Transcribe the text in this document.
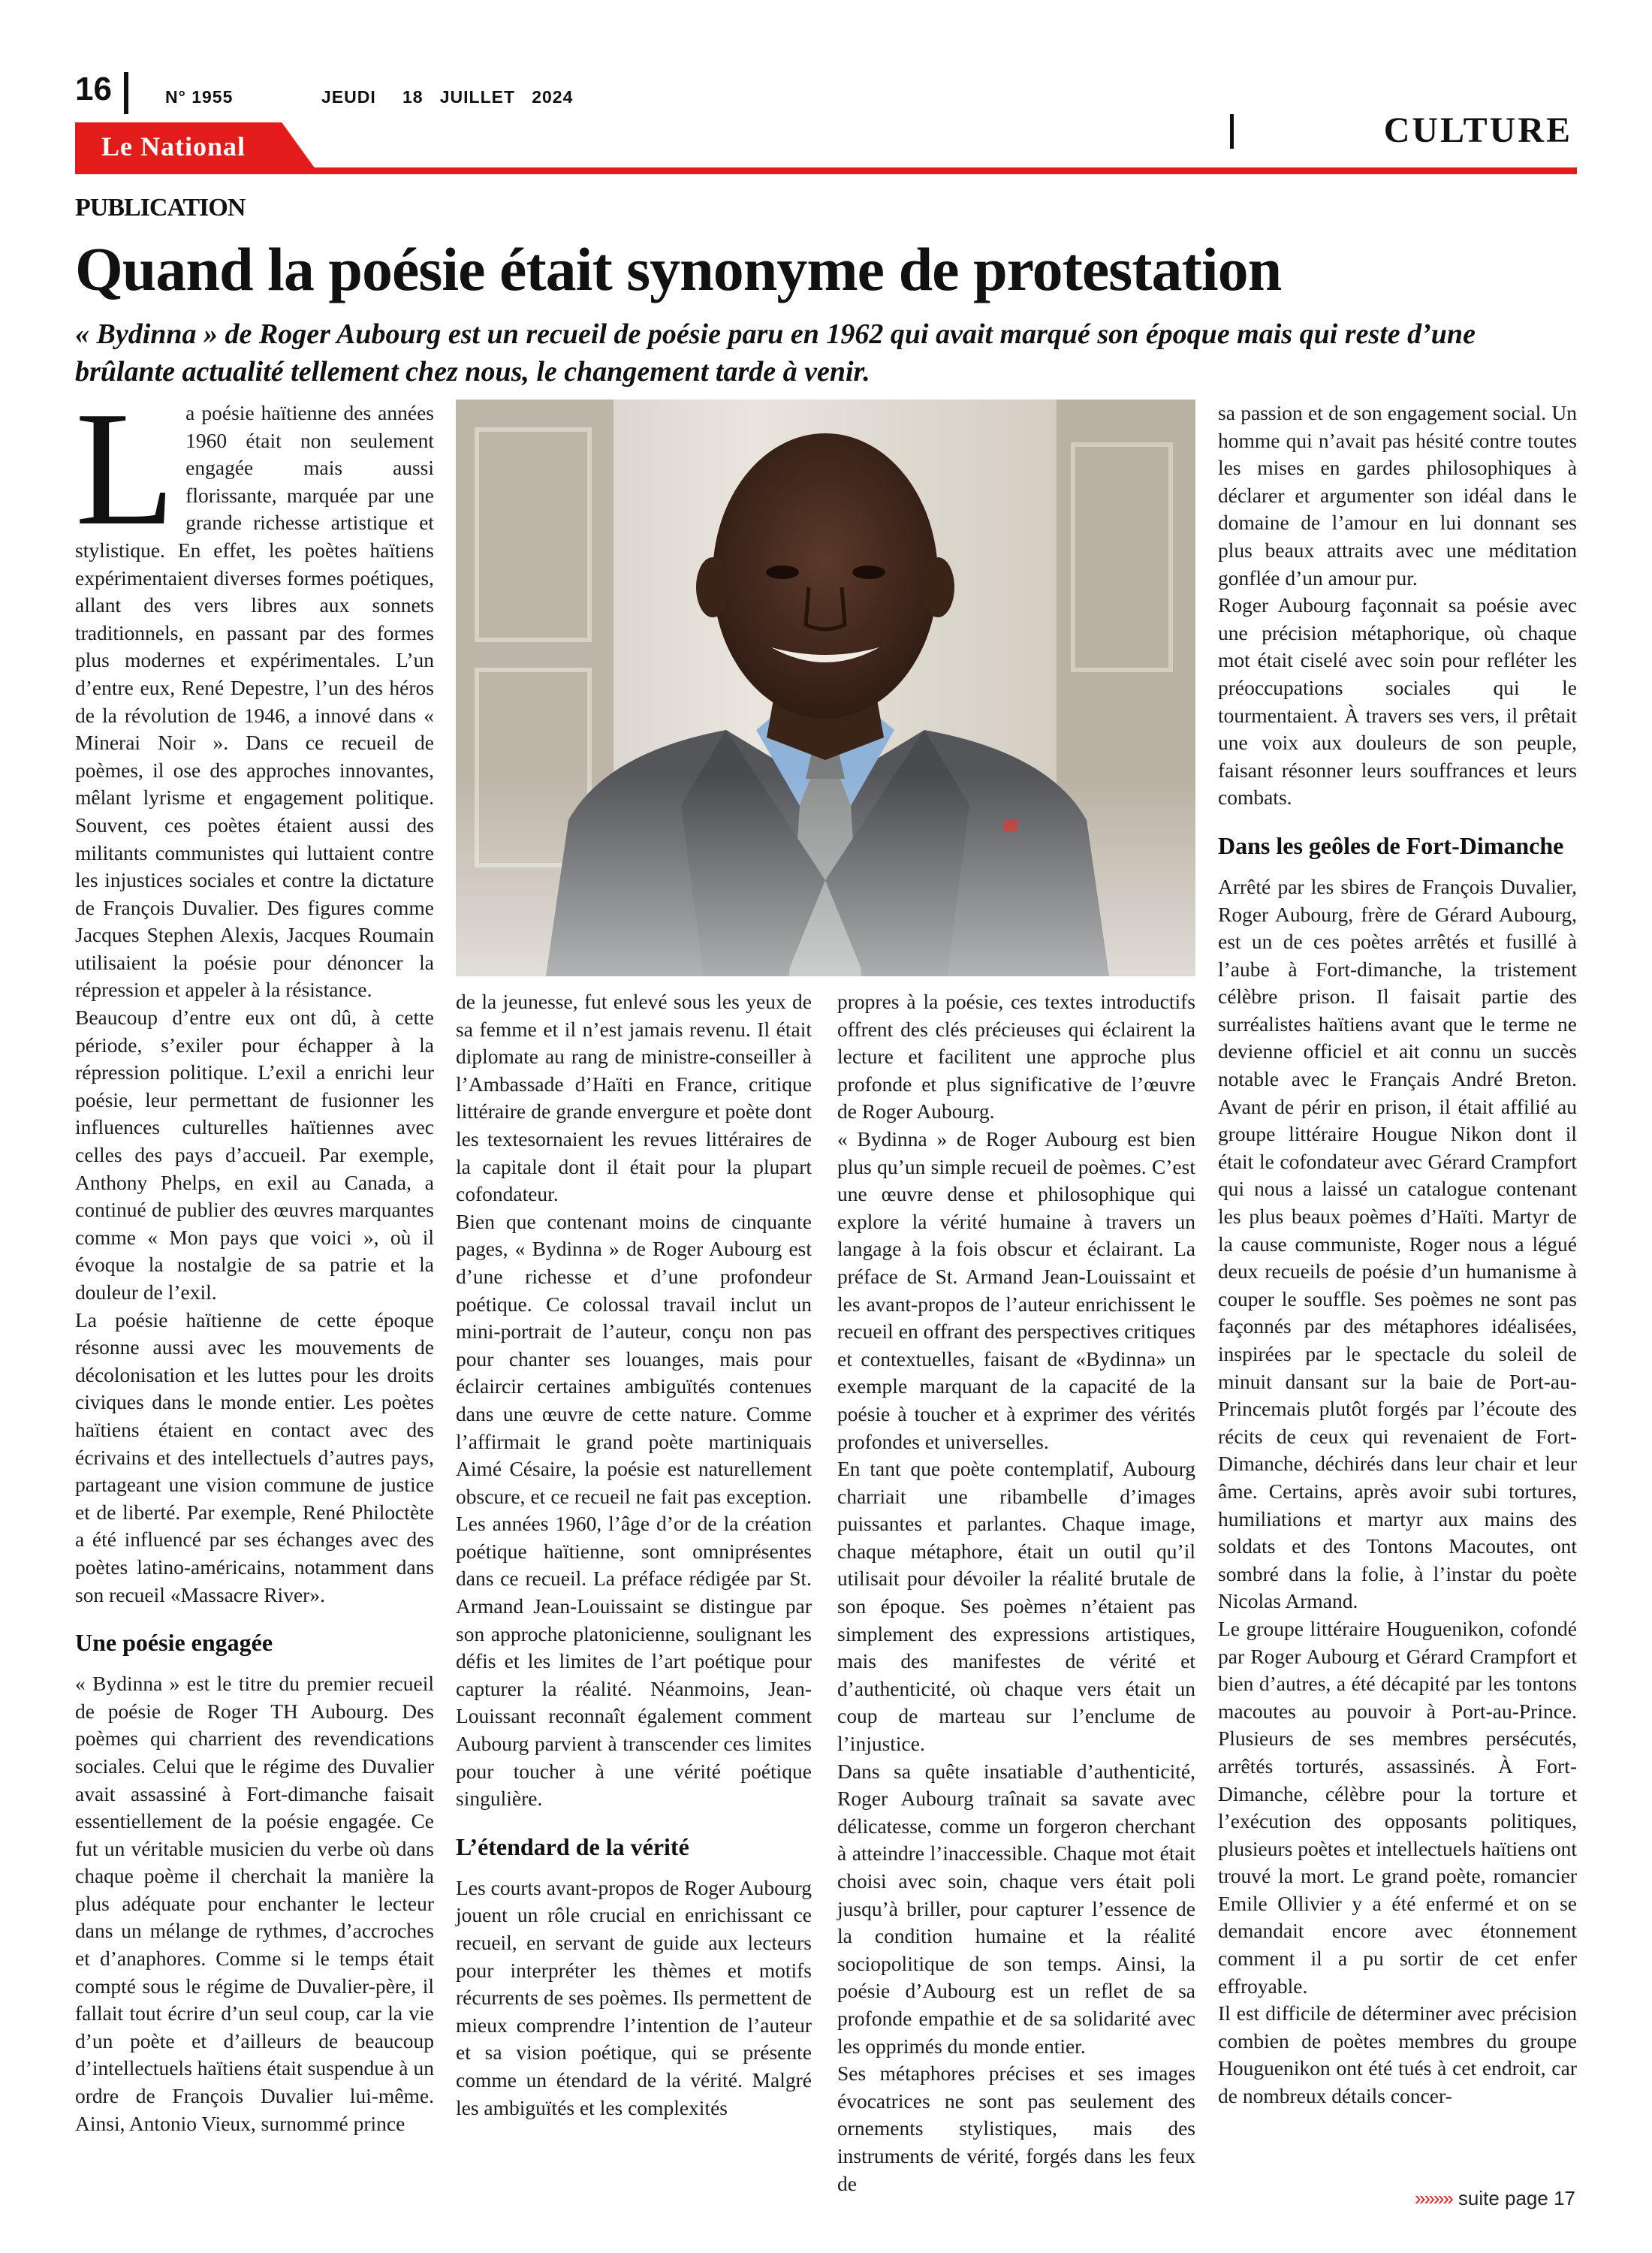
16	N° 1955	JEUDI 18   JUILLET   2024
CULTURE
Le National
PUBLICATION
Quand la poésie était synonyme de protestation
« Bydinna » de Roger Aubourg est un recueil de poésie paru en 1962 qui avait marqué son époque mais qui reste d’une brûlante actualité tellement chez nous, le changement tarde à venir.

La poésie haïtienne des années 1960 était non seulement engagée mais aussi florissante, marquée par une grande richesse artistique et stylistique. En effet, les poètes haïtiens expérimentaient diverses formes poétiques, allant des vers libres aux sonnets traditionnels, en passant par des formes plus modernes et expérimentales. L’un d’entre eux, René Depestre, l’un des héros de la révolution de 1946, a innové dans « Minerai Noir ». Dans ce recueil de poèmes, il ose des approches innovantes, mêlant lyrisme et engagement politique. Souvent, ces poètes étaient aussi des militants communistes qui luttaient contre les injustices sociales et contre la dictature de François Duvalier. Des figures comme Jacques Stephen Alexis, Jacques Roumain utilisaient la poésie pour dénoncer la répression et appeler à la résistance.

Beaucoup d’entre eux ont dû, à cette période, s’exiler pour échapper à la répression politique. L’exil a enrichi leur poésie, leur permettant de fusionner les influences culturelles haïtiennes avec celles des pays d’accueil. Par exemple, Anthony Phelps, en exil au Canada, a continué de publier des œuvres marquantes comme « Mon pays que voici », où il évoque la nostalgie de sa patrie et la douleur de l’exil.

La poésie haïtienne de cette époque résonne aussi avec les mouvements de décolonisation et les luttes pour les droits civiques dans le monde entier. Les poètes haïtiens étaient en contact avec des écrivains et des intellectuels d’autres pays, partageant une vision commune de justice et de liberté. Par exemple, René Philoctète a été influencé par ses échanges avec des poètes latino-américains, notamment dans son recueil «Massacre River».

Une poésie engagée

« Bydinna » est le titre du premier recueil de poésie de Roger TH Aubourg. Des poèmes qui charrient des revendications sociales. Celui que le régime des Duvalier avait assassiné à Fort-dimanche faisait essentiellement de la poésie engagée. Ce fut un véritable musicien du verbe où dans chaque poème il cherchait la manière la plus adéquate pour enchanter le lecteur dans un mélange de rythmes, d’accroches et d’anaphores. Comme si le temps était compté sous le régime de Duvalier-père, il fallait tout écrire d’un seul coup, car la vie d’un poète et d’ailleurs de beaucoup d’intellectuels haïtiens était suspendue à un ordre de François Duvalier lui-même. Ainsi, Antonio Vieux, surnommé prince

de la jeunesse, fut enlevé sous les yeux de sa femme et il n’est jamais revenu. Il était diplomate au rang de ministre-conseiller à l’Ambassade d’Haïti en France, critique littéraire de grande envergure et poète dont les textesornaient les revues littéraires de la capitale dont il était pour la plupart cofondateur.

Bien que contenant moins de cinquante pages, « Bydinna » de Roger Aubourg est d’une richesse et d’une profondeur poétique. Ce colossal travail inclut un mini-portrait de l’auteur, conçu non pas pour chanter ses louanges, mais pour éclaircir certaines ambiguïtés contenues dans une œuvre de cette nature. Comme l’affirmait le grand poète martiniquais Aimé Césaire, la poésie est naturellement obscure, et ce recueil ne fait pas exception. Les années 1960, l’âge d’or de la création poétique haïtienne, sont omniprésentes dans ce recueil. La préface rédigée par St. Armand Jean-Louissaint se distingue par son approche platonicienne, soulignant les défis et les limites de l’art poétique pour capturer la réalité. Néanmoins, Jean-Louissant reconnaît également comment Aubourg parvient à transcender ces limites pour toucher à une vérité poétique singulière.

L’étendard de la vérité

Les courts avant-propos de Roger Aubourg jouent un rôle crucial en enrichissant ce recueil, en servant de guide aux lecteurs pour interpréter les thèmes et motifs récurrents de ses poèmes. Ils permettent de mieux comprendre l’intention de l’auteur et sa vision poétique, qui se présente comme un étendard de la vérité. Malgré les ambiguïtés et les complexités

propres à la poésie, ces textes introductifs offrent des clés précieuses qui éclairent la lecture et facilitent une approche plus profonde et plus significative de l’œuvre de Roger Aubourg.

« Bydinna » de Roger Aubourg est bien plus qu’un simple recueil de poèmes. C’est une œuvre dense et philosophique qui explore la vérité humaine à travers un langage à la fois obscur et éclairant. La préface de St. Armand Jean-Louissaint et les avant-propos de l’auteur enrichissent le recueil en offrant des perspectives critiques et contextuelles, faisant de «Bydinna» un exemple marquant de la capacité de la poésie à toucher et à exprimer des vérités profondes et universelles.

En tant que poète contemplatif, Aubourg charriait une ribambelle d’images puissantes et parlantes. Chaque image, chaque métaphore, était un outil qu’il utilisait pour dévoiler la réalité brutale de son époque. Ses poèmes n’étaient pas simplement des expressions artistiques, mais des manifestes de vérité et d’authenticité, où chaque vers était un coup de marteau sur l’enclume de l’injustice.

Dans sa quête insatiable d’authenticité, Roger Aubourg traînait sa savate avec délicatesse, comme un forgeron cherchant à atteindre l’inaccessible. Chaque mot était choisi avec soin, chaque vers était poli jusqu’à briller, pour capturer l’essence de la condition humaine et la réalité sociopolitique de son temps. Ainsi, la poésie d’Aubourg est un reflet de sa profonde empathie et de sa solidarité avec les opprimés du monde entier.

Ses métaphores précises et ses images évocatrices ne sont pas seulement des ornements stylistiques, mais des instruments de vérité, forgés dans les feux de

sa passion et de son engagement social. Un homme qui n’avait pas hésité contre toutes les mises en gardes philosophiques à déclarer et argumenter son idéal dans le domaine de l’amour en lui donnant ses plus beaux attraits avec une méditation gonflée d’un amour pur.

Roger Aubourg façonnait sa poésie avec une précision métaphorique, où chaque mot était ciselé avec soin pour refléter les préoccupations sociales qui le tourmentaient. À travers ses vers, il prêtait une voix aux douleurs de son peuple, faisant résonner leurs souffrances et leurs combats.

Dans les geôles de Fort-Dimanche

Arrêté par les sbires de François Duvalier, Roger Aubourg, frère de Gérard Aubourg, est un de ces poètes arrêtés et fusillé à l’aube à Fort-dimanche, la tristement célèbre prison. Il faisait partie des surréalistes haïtiens avant que le terme ne devienne officiel et ait connu un succès notable avec le Français André Breton. Avant de périr en prison, il était affilié au groupe littéraire Hougue Nikon dont il était le cofondateur avec Gérard Crampfort qui nous a laissé un catalogue contenant les plus beaux poèmes d’Haïti. Martyr de la cause communiste, Roger nous a légué deux recueils de poésie d’un humanisme à couper le souffle. Ses poèmes ne sont pas façonnés par des métaphores idéalisées, inspirées par le spectacle du soleil de minuit dansant sur la baie de Port-au-Princemais plutôt forgés par l’écoute des récits de ceux qui revenaient de Fort-Dimanche, déchirés dans leur chair et leur âme. Certains, après avoir subi tortures, humiliations et martyr aux mains des soldats et des Tontons Macoutes, ont sombré dans la folie, à l’instar du poète Nicolas Armand.

Le groupe littéraire Houguenikon, cofondé par Roger Aubourg et Gérard Crampfort et bien d’autres, a été décapité par les tontons macoutes au pouvoir à Port-au-Prince. Plusieurs de ses membres persécutés, arrêtés torturés, assassinés. À Fort-Dimanche, célèbre pour la torture et l’exécution des opposants politiques, plusieurs poètes et intellectuels haïtiens ont trouvé la mort. Le grand poète, romancier Emile Ollivier y a été enfermé et on se demandait encore avec étonnement comment il a pu sortir de cet enfer effroyable.

Il est difficile de déterminer avec précision combien de poètes membres du groupe Houguenikon ont été tués à cet endroit, car de nombreux détails concer-

»»»» suite page 17
